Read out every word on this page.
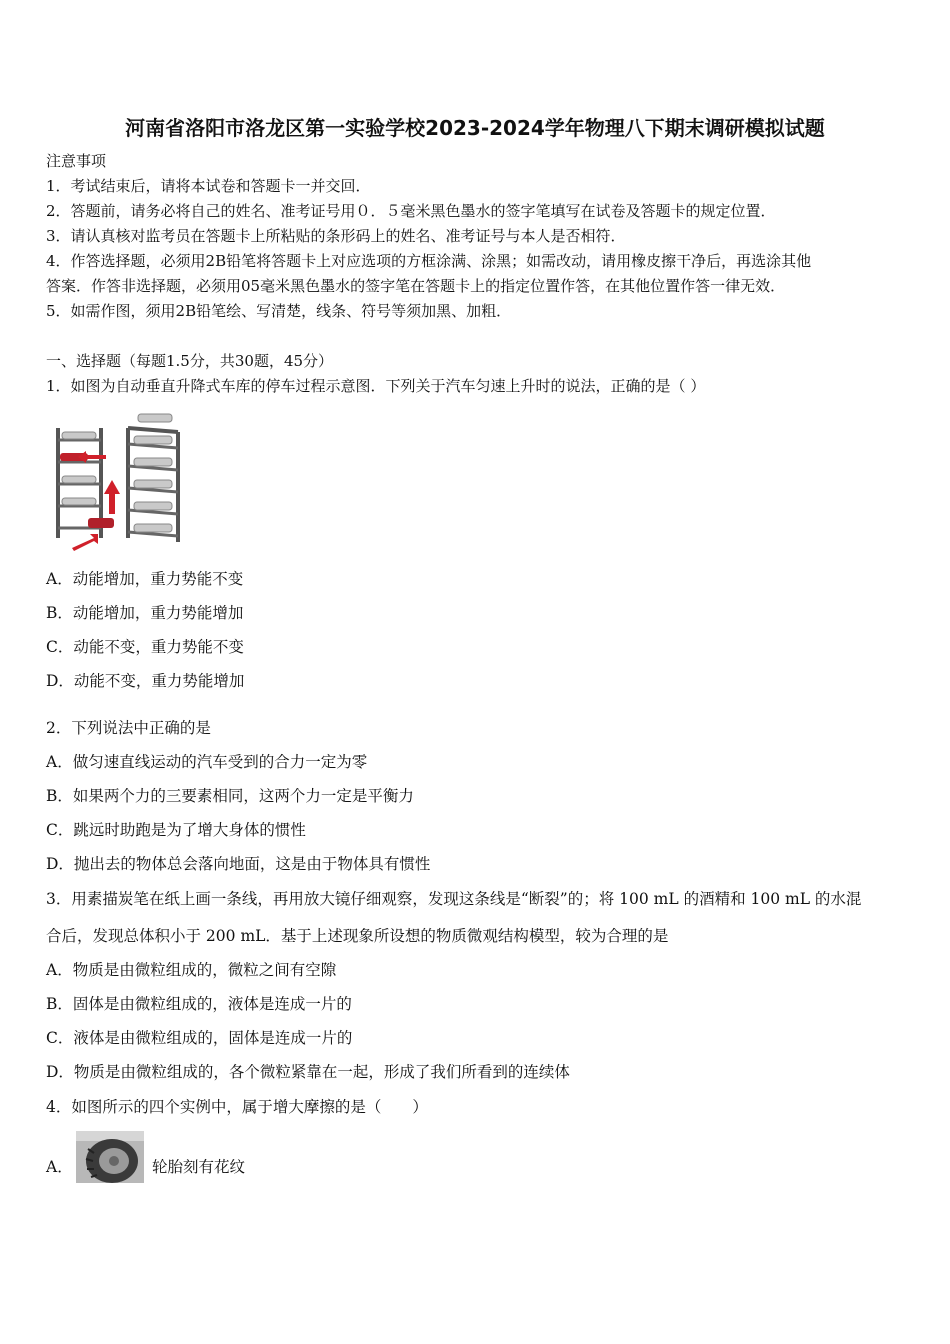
河南省洛阳市洛龙区第一实验学校2023-2024学年物理八下期末调研模拟试题
注意事项
1．考试结束后，请将本试卷和答题卡一并交回．
2．答题前，请务必将自己的姓名、准考证号用０．５毫米黑色墨水的签字笔填写在试卷及答题卡的规定位置．
3．请认真核对监考员在答题卡上所粘贴的条形码上的姓名、准考证号与本人是否相符．
4．作答选择题，必须用2B铅笔将答题卡上对应选项的方框涂满、涂黑；如需改动，请用橡皮擦干净后，再选涂其他
答案．作答非选择题，必须用05毫米黑色墨水的签字笔在答题卡上的指定位置作答，在其他位置作答一律无效．
5．如需作图，须用2B铅笔绘、写清楚，线条、符号等须加黑、加粗．
一、选择题（每题1.5分，共30题，45分）
1．如图为自动垂直升降式车库的停车过程示意图．下列关于汽车匀速上升时的说法，正确的是（ ）
A．动能增加，重力势能不变
B．动能增加，重力势能增加
C．动能不变，重力势能不变
D．动能不变，重力势能增加
2．下列说法中正确的是
A．做匀速直线运动的汽车受到的合力一定为零
B．如果两个力的三要素相同，这两个力一定是平衡力
C．跳远时助跑是为了增大身体的惯性
D．抛出去的物体总会落向地面，这是由于物体具有惯性
3．用素描炭笔在纸上画一条线，再用放大镜仔细观察，发现这条线是“断裂”的；将 100 mL 的酒精和 100 mL 的水混
合后，发现总体积小于 200 mL．基于上述现象所设想的物质微观结构模型，较为合理的是
A．物质是由微粒组成的，微粒之间有空隙
B．固体是由微粒组成的，液体是连成一片的
C．液体是由微粒组成的，固体是连成一片的
D．物质是由微粒组成的，各个微粒紧靠在一起，形成了我们所看到的连续体
4．如图所示的四个实例中，属于增大摩擦的是（　　）
A．	轮胎刻有花纹
